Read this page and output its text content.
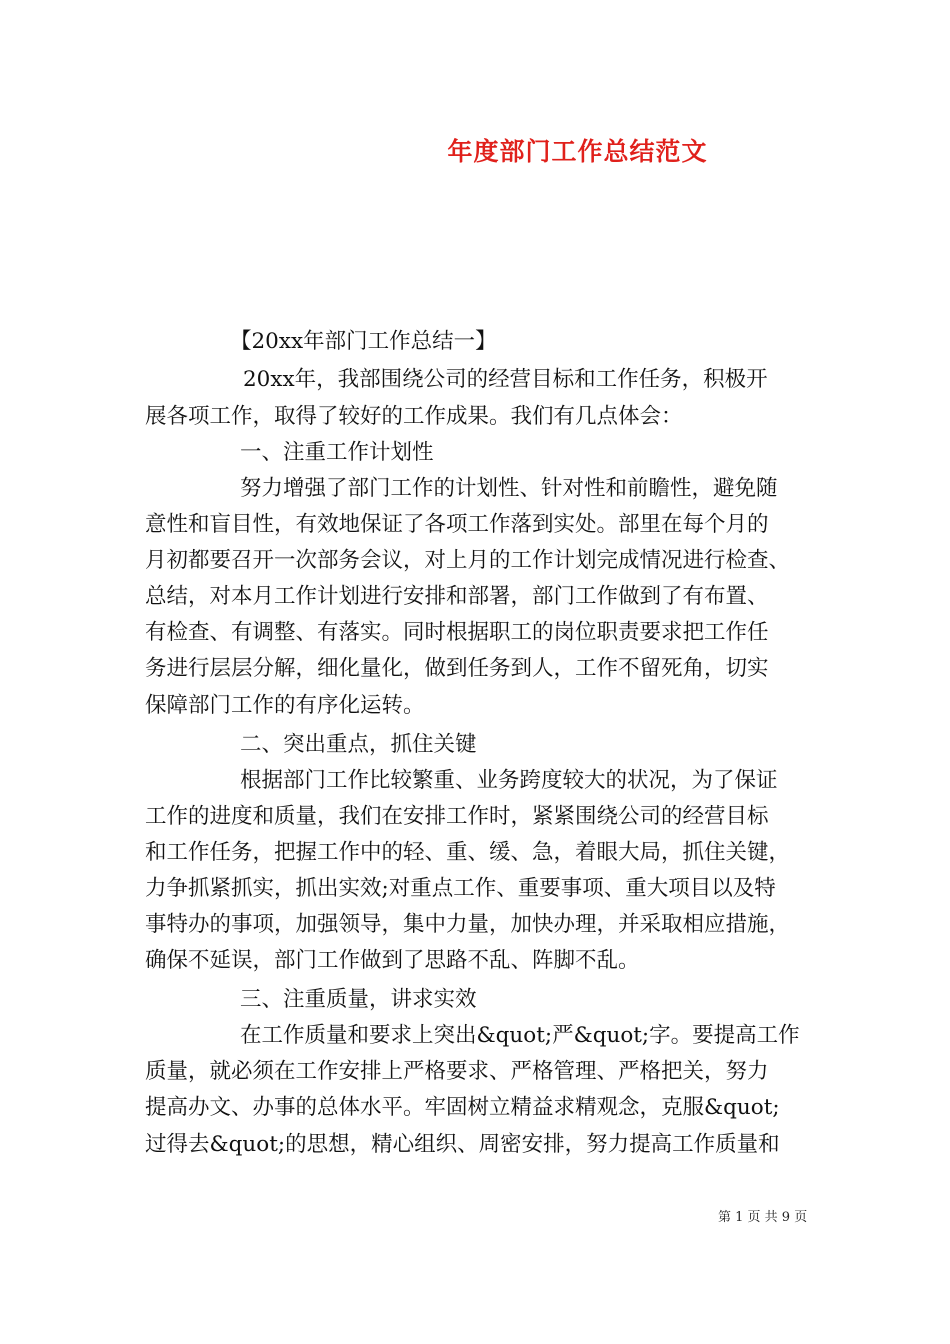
年度部门工作总结范文
【20xx年部门工作总结一】
20xx年，我部围绕公司的经营目标和工作任务，积极开
展各项工作，取得了较好的工作成果。我们有几点体会：
一、注重工作计划性
努力增强了部门工作的计划性、针对性和前瞻性，避免随
意性和盲目性，有效地保证了各项工作落到实处。部里在每个月的
月初都要召开一次部务会议，对上月的工作计划完成情况进行检查、
总结，对本月工作计划进行安排和部署，部门工作做到了有布置、
有检查、有调整、有落实。同时根据职工的岗位职责要求把工作任
务进行层层分解，细化量化，做到任务到人，工作不留死角，切实
保障部门工作的有序化运转。
二、突出重点，抓住关键
根据部门工作比较繁重、业务跨度较大的状况，为了保证
工作的进度和质量，我们在安排工作时，紧紧围绕公司的经营目标
和工作任务，把握工作中的轻、重、缓、急，着眼大局，抓住关键，
力争抓紧抓实，抓出实效;对重点工作、重要事项、重大项目以及特
事特办的事项，加强领导，集中力量，加快办理，并采取相应措施，
确保不延误，部门工作做到了思路不乱、阵脚不乱。
三、注重质量，讲求实效
在工作质量和要求上突出&quot;严&quot;字。要提高工作
质量，就必须在工作安排上严格要求、严格管理、严格把关，努力
提高办文、办事的总体水平。牢固树立精益求精观念，克服&quot;
过得去&quot;的思想，精心组织、周密安排，努力提高工作质量和
第 1 页 共 9 页
